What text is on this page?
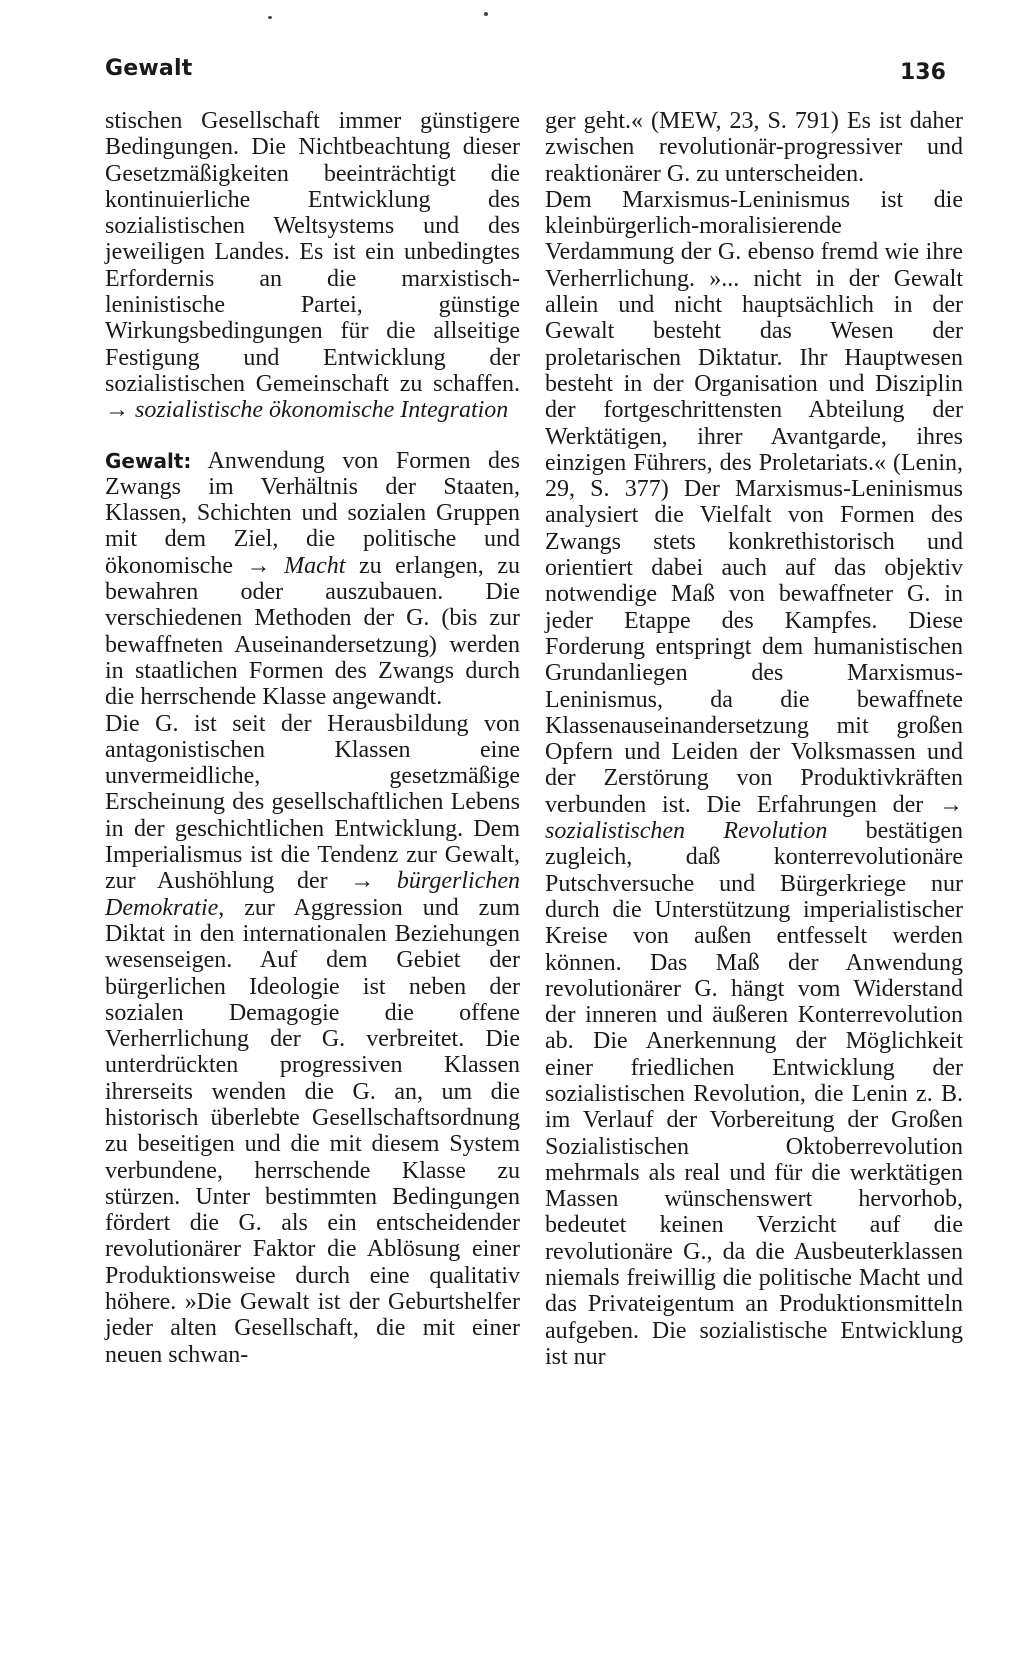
Gewalt	136

stischen Gesellschaft immer günstigere Bedingungen. Die Nichtbeachtung dieser Gesetzmäßigkeiten beeinträchtigt die kontinuierliche Entwicklung des sozialistischen Weltsystems und des jeweiligen Landes. Es ist ein unbedingtes Erfordernis an die marxistisch-leninistische Partei, günstige Wirkungsbedingungen für die allseitige Festigung und Entwicklung der sozialistischen Gemeinschaft zu schaffen. → sozialistische ökonomische Integration

Gewalt: Anwendung von Formen des Zwangs im Verhältnis der Staaten, Klassen, Schichten und sozialen Gruppen mit dem Ziel, die politische und ökonomische → Macht zu erlangen, zu bewahren oder auszubauen. Die verschiedenen Methoden der G. (bis zur bewaffneten Auseinandersetzung) werden in staatlichen Formen des Zwangs durch die herrschende Klasse angewandt.

Die G. ist seit der Herausbildung von antagonistischen Klassen eine unvermeidliche, gesetzmäßige Erscheinung des gesellschaftlichen Lebens in der geschichtlichen Entwicklung. Dem Imperialismus ist die Tendenz zur Gewalt, zur Aushöhlung der → bürgerlichen Demokratie, zur Aggression und zum Diktat in den internationalen Beziehungen wesenseigen. Auf dem Gebiet der bürgerlichen Ideologie ist neben der sozialen Demagogie die offene Verherrlichung der G. verbreitet. Die unterdrückten progressiven Klassen ihrerseits wenden die G. an, um die historisch überlebte Gesellschaftsordnung zu beseitigen und die mit diesem System verbundene, herrschende Klasse zu stürzen. Unter bestimmten Bedingungen fördert die G. als ein entscheidender revolutionärer Faktor die Ablösung einer Produktionsweise durch eine qualitativ höhere. »Die Gewalt ist der Geburtshelfer jeder alten Gesellschaft, die mit einer neuen schwan-

ger geht.« (MEW, 23, S. 791) Es ist daher zwischen revolutionär-progressiver und reaktionärer G. zu unterscheiden.

Dem Marxismus-Leninismus ist die kleinbürgerlich-moralisierende Verdammung der G. ebenso fremd wie ihre Verherrlichung. »... nicht in der Gewalt allein und nicht hauptsächlich in der Gewalt besteht das Wesen der proletarischen Diktatur. Ihr Hauptwesen besteht in der Organisation und Disziplin der fortgeschrittensten Abteilung der Werktätigen, ihrer Avantgarde, ihres einzigen Führers, des Proletariats.« (Lenin, 29, S. 377) Der Marxismus-Leninismus analysiert die Vielfalt von Formen des Zwangs stets konkrethistorisch und orientiert dabei auch auf das objektiv notwendige Maß von bewaffneter G. in jeder Etappe des Kampfes. Diese Forderung entspringt dem humanistischen Grundanliegen des Marxismus-Leninismus, da die bewaffnete Klassenauseinandersetzung mit großen Opfern und Leiden der Volksmassen und der Zerstörung von Produktivkräften verbunden ist. Die Erfahrungen der → sozialistischen Revolution bestätigen zugleich, daß konterrevolutionäre Putschversuche und Bürgerkriege nur durch die Unterstützung imperialistischer Kreise von außen entfesselt werden können. Das Maß der Anwendung revolutionärer G. hängt vom Widerstand der inneren und äußeren Konterrevolution ab. Die Anerkennung der Möglichkeit einer friedlichen Entwicklung der sozialistischen Revolution, die Lenin z. B. im Verlauf der Vorbereitung der Großen Sozialistischen Oktoberrevolution mehrmals als real und für die werktätigen Massen wünschenswert hervorhob, bedeutet keinen Verzicht auf die revolutionäre G., da die Ausbeuterklassen niemals freiwillig die politische Macht und das Privateigentum an Produktionsmitteln aufgeben. Die sozialistische Entwicklung ist nur
